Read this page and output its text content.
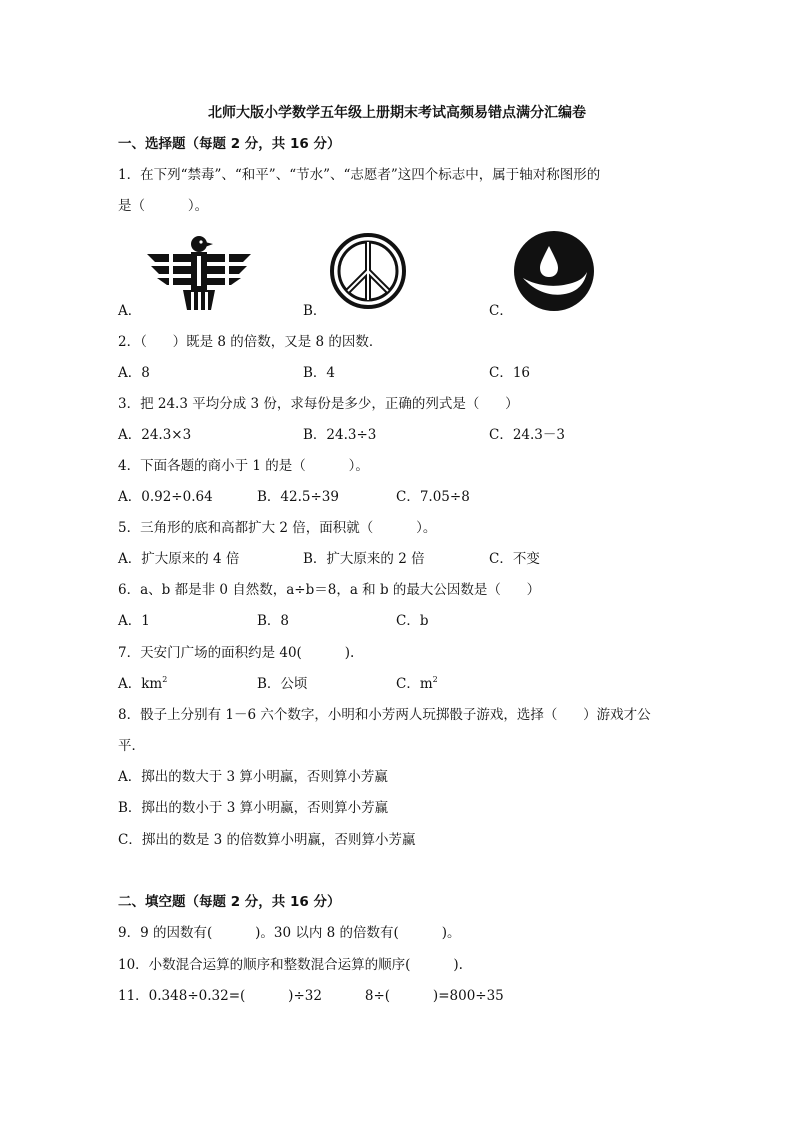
北师大版小学数学五年级上册期末考试高频易错点满分汇编卷
一、选择题（每题 2 分，共 16 分）
1．在下列“禁毒”、“和平”、“节水”、“志愿者”这四个标志中，属于轴对称图形的
是（          ）。
A．	B．	C．
2．（      ）既是 8 的倍数，又是 8 的因数．
A．8	B．4	C．16
3．把 24.3 平均分成 3 份，求每份是多少，正确的列式是（      ）
A．24.3×3	B．24.3÷3	C．24.3－3
4．下面各题的商小于 1 的是（          ）。
A．0.92÷0.64	B．42.5÷39	C．7.05÷8
5．三角形的底和高都扩大 2 倍，面积就（          ）。
A．扩大原来的 4 倍	B．扩大原来的 2 倍	C．不变
6．a、b 都是非 0 自然数，a÷b＝8，a 和 b 的最大公因数是（      ）
A．1	B．8	C．b
7．天安门广场的面积约是 40(          ).
A．$km^2$	B．公顷	C．$m^2$
8．骰子上分别有 1－6 六个数字，小明和小芳两人玩掷骰子游戏，选择（      ）游戏才公
平．
A．掷出的数大于 3 算小明赢，否则算小芳赢
B．掷出的数小于 3 算小明赢，否则算小芳赢
C．掷出的数是 3 的倍数算小明赢，否则算小芳赢
二、填空题（每题 2 分，共 16 分）
9．9 的因数有(          )。30 以内 8 的倍数有(          )。
10．小数混合运算的顺序和整数混合运算的顺序(          ).
11．0.348÷0.32=(          )÷32          8÷(          )=800÷35
